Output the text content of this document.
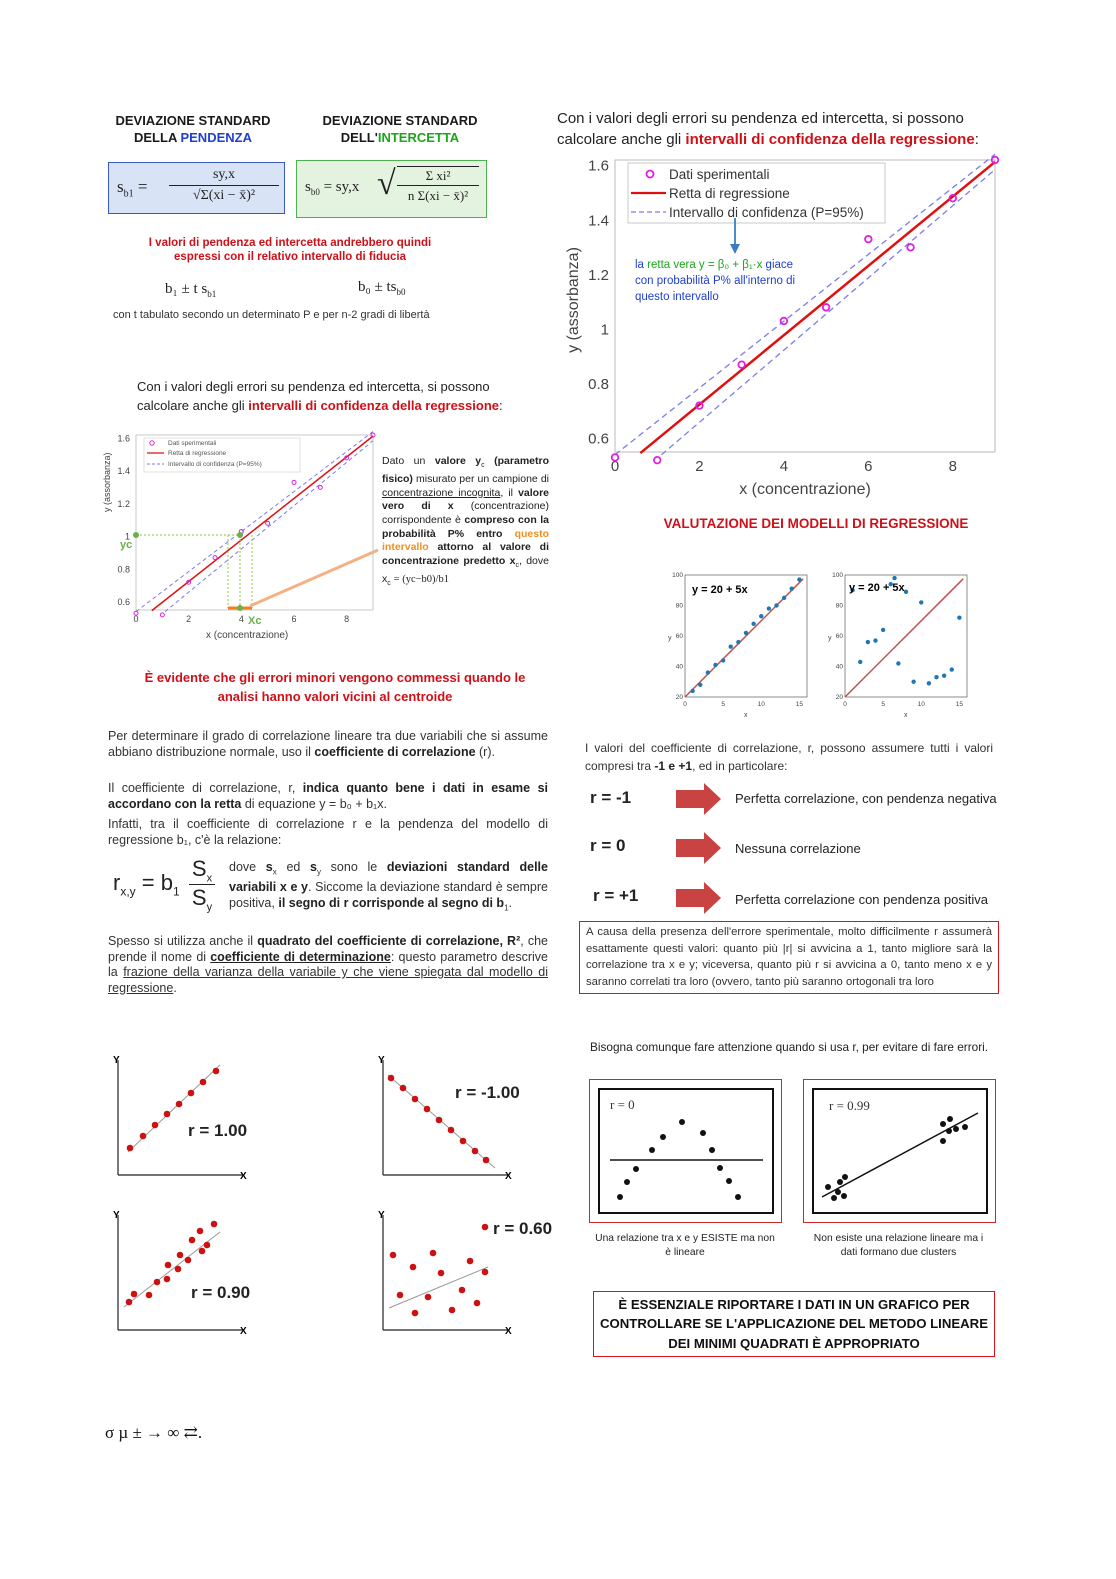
DEVIAZIONE STANDARD
DELLA PENDENZA
DEVIAZIONE STANDARD
DELL'INTERCETTA
$s_{b1} = \frac{sy,x}{\text{√Σ(xi − x̄)²}} s_{b0} = sy,x$ √ $\frac{\text{Σ xi²}}{\text{n Σ(xi − x̄)²}}$
I valori di pendenza ed intercetta andrebbero quindi
espressi con il relativo intervallo di fiducia
b₁ ± t $s_{b1}$	$b_0 \pm ts_{b0}$
con t tabulato secondo un determinato P e per n-2 gradi di libertà
Con i valori degli errori su pendenza ed intercetta, si possono
calcolare anche gli intervalli di confidenza della regressione:
0	2	4	6	8
0.6
0.8
1
1.2
1.4
1.6
Dati sperimentali
Retta di regressione
Intervallo di confidenza (P=95%)
y (assorbanza)
x (concentrazione)
yc
Xc
Dato un valore $y_c$ (parametro fisico) misurato per un campione di concentrazione incognita, il valore vero di x (concentrazione) corrispondente è compreso con la probabilità P% entro questo intervallo attorno al valore di concentrazione predetto $x_c$, dove $x_c = (yc-b0)/b1$
È evidente che gli errori minori vengono commessi quando le
analisi hanno valori vicini al centroide
Per determinare il grado di correlazione lineare tra due variabili che si assume abbiano distribuzione normale, uso il coefficiente di correlazione (r).
Il coefficiente di correlazione, r, indica quanto bene i dati in esame si accordano con la retta di equazione y = b₀ + b₁x.
Infatti, tra il coefficiente di correlazione r e la pendenza del modello di regressione b₁, c'è la relazione:
$r_{x,y} = b_1$
$S_x$
$S_y$
dove $s_x$ ed $s_y$ sono le deviazioni standard delle variabili x e y. Siccome la deviazione standard è sempre positiva, il segno di r corrisponde al segno di $b_1$.
Spesso si utilizza anche il quadrato del coefficiente di correlazione, R², che prende il nome di coefficiente di determinazione: questo parametro descrive la frazione della varianza della variabile y che viene spiegata dal modello di regressione.
Y
X
r = 1.00
Y
X
r = -1.00
Y
X
r = 0.90
Y
X
r = 0.60
σ µ ± → ∞ ⇄.
Con i valori degli errori su pendenza ed intercetta, si possono
calcolare anche gli intervalli di confidenza della regressione:
0	2	4	6	8
0.6
0.8
1
1.2
1.4
1.6	Dati sperimentali
Retta di regressione
Intervallo di confidenza (P=95%)
y (assorbanza)
x (concentrazione)
la retta vera y = β₀ + β₁·x giace
con probabilità P% all'interno di
questo intervallo
VALUTAZIONE DEI MODELLI DI REGRESSIONE
0	5	10	15
20
40
60
80
100
y = 20 + 5x
x
y
0	5	10	15
20
40
60
80
100
y = 20 + 5x
x
y
I valori del coefficiente di correlazione, r, possono assumere tutti i valori compresi tra -1 e +1, ed in particolare:
r = -1	Perfetta correlazione, con pendenza negativa
r = 0	Nessuna correlazione
r = +1	Perfetta correlazione con pendenza positiva
A causa della presenza dell'errore sperimentale, molto difficilmente r assumerà esattamente questi valori: quanto più |r| si avvicina a 1, tanto migliore sarà la correlazione tra x e y; viceversa, quanto più r si avvicina a 0, tanto meno x e y saranno correlati tra loro (ovvero, tanto più saranno ortogonali tra loro
Bisogna comunque fare attenzione quando si usa r, per evitare di fare errori.
r = 0	r = 0.99
Una relazione tra x e y ESISTE ma non
è lineare
Non esiste una relazione lineare ma i
dati formano due clusters
È ESSENZIALE RIPORTARE I DATI IN UN GRAFICO PER
CONTROLLARE SE L'APPLICAZIONE DEL METODO LINEARE
DEI MINIMI QUADRATI È APPROPRIATO
